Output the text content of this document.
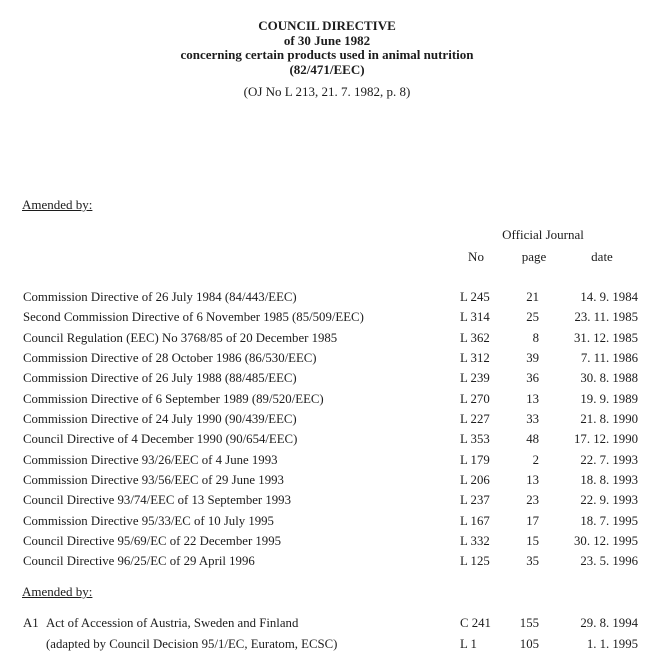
COUNCIL DIRECTIVE
of 30 June 1982
concerning certain products used in animal nutrition
(82/471/EEC)
(OJ No L 213, 21. 7. 1982, p. 8)
Amended by:
Official Journal
No	page	date
Commission Directive of 26 July 1984 (84/443/EEC)	L 245	21	14. 9. 1984
Second Commission Directive of 6 November 1985 (85/509/EEC)	L 314	25	23. 11. 1985
Council Regulation (EEC) No 3768/85 of 20 December 1985	L 362	8	31. 12. 1985
Commission Directive of 28 October 1986 (86/530/EEC)	L 312	39	7. 11. 1986
Commission Directive of 26 July 1988 (88/485/EEC)	L 239	36	30. 8. 1988
Commission Directive of 6 September 1989 (89/520/EEC)	L 270	13	19. 9. 1989
Commission Directive of 24 July 1990 (90/439/EEC)	L 227	33	21. 8. 1990
Council Directive of 4 December 1990 (90/654/EEC)	L 353	48	17. 12. 1990
Commission Directive 93/26/EEC of 4 June 1993	L 179	2	22. 7. 1993
Commission Directive 93/56/EEC of 29 June 1993	L 206	13	18. 8. 1993
Council Directive 93/74/EEC of 13 September 1993	L 237	23	22. 9. 1993
Commission Directive 95/33/EC of 10 July 1995	L 167	17	18. 7. 1995
Council Directive 95/69/EC of 22 December 1995	L 332	15	30. 12. 1995
Council Directive 96/25/EC of 29 April 1996	L 125	35	23. 5. 1996
Amended by:
A1 Act of Accession of Austria, Sweden and Finland	C 241	155	29. 8. 1994
(adapted by Council Decision 95/1/EC, Euratom, ECSC)	L 1	105	1. 1. 1995
